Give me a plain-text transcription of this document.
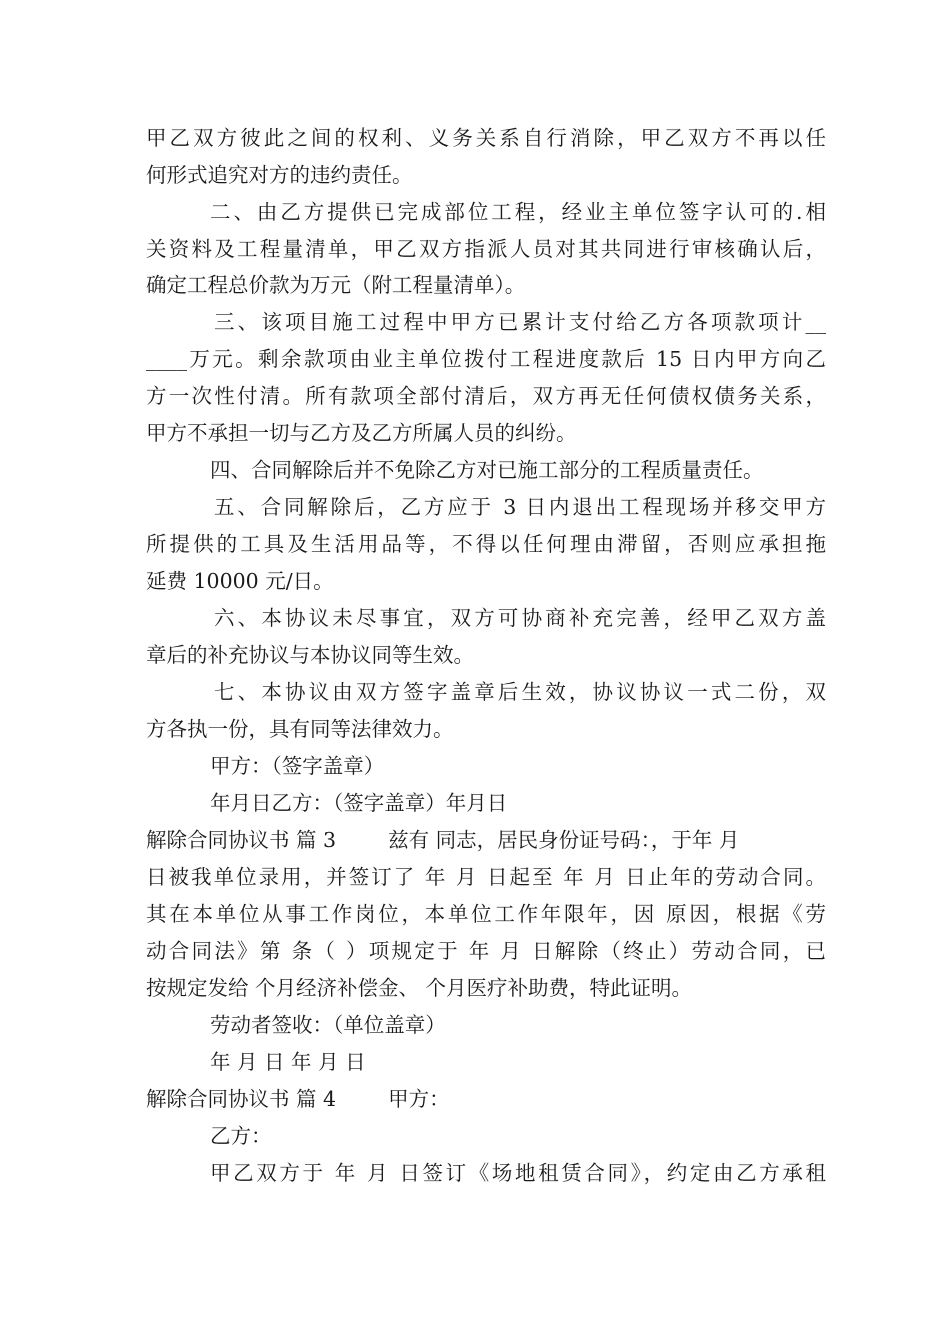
甲乙双方彼此之间的权利、义务关系自行消除，甲乙双方不再以任
何形式追究对方的违约责任。
二、由乙方提供已完成部位工程，经业主单位签字认可的.相
关资料及工程量清单，甲乙双方指派人员对其共同进行审核确认后，
确定工程总价款为万元（附工程量清单）。
三、该项目施工过程中甲方已累计支付给乙方各项款项计__
____万元。剩余款项由业主单位拨付工程进度款后 15 日内甲方向乙
方一次性付清。所有款项全部付清后，双方再无任何债权债务关系，
甲方不承担一切与乙方及乙方所属人员的纠纷。
四、合同解除后并不免除乙方对已施工部分的工程质量责任。
五、合同解除后，乙方应于 3 日内退出工程现场并移交甲方
所提供的工具及生活用品等，不得以任何理由滞留，否则应承担拖
延费 10000 元/日。
六、本协议未尽事宜，双方可协商补充完善，经甲乙双方盖
章后的补充协议与本协议同等生效。
七、本协议由双方签字盖章后生效，协议协议一式二份，双
方各执一份，具有同等法律效力。
甲方：（签字盖章）
年月日乙方：（签字盖章）年月日
解除合同协议书 篇 3	兹有 同志，居民身份证号码：，于年 月
日被我单位录用，并签订了 年 月 日起至 年 月 日止年的劳动合同。
其在本单位从事工作岗位，本单位工作年限年，因 原因，根据《劳
动合同法》第 条（ ）项规定于 年 月 日解除（终止）劳动合同，已
按规定发给 个月经济补偿金、 个月医疗补助费，特此证明。
劳动者签收：（单位盖章）
年 月 日 年 月 日
解除合同协议书 篇 4	甲方：
乙方：
甲乙双方于 年 月 日签订《场地租赁合同》，约定由乙方承租
